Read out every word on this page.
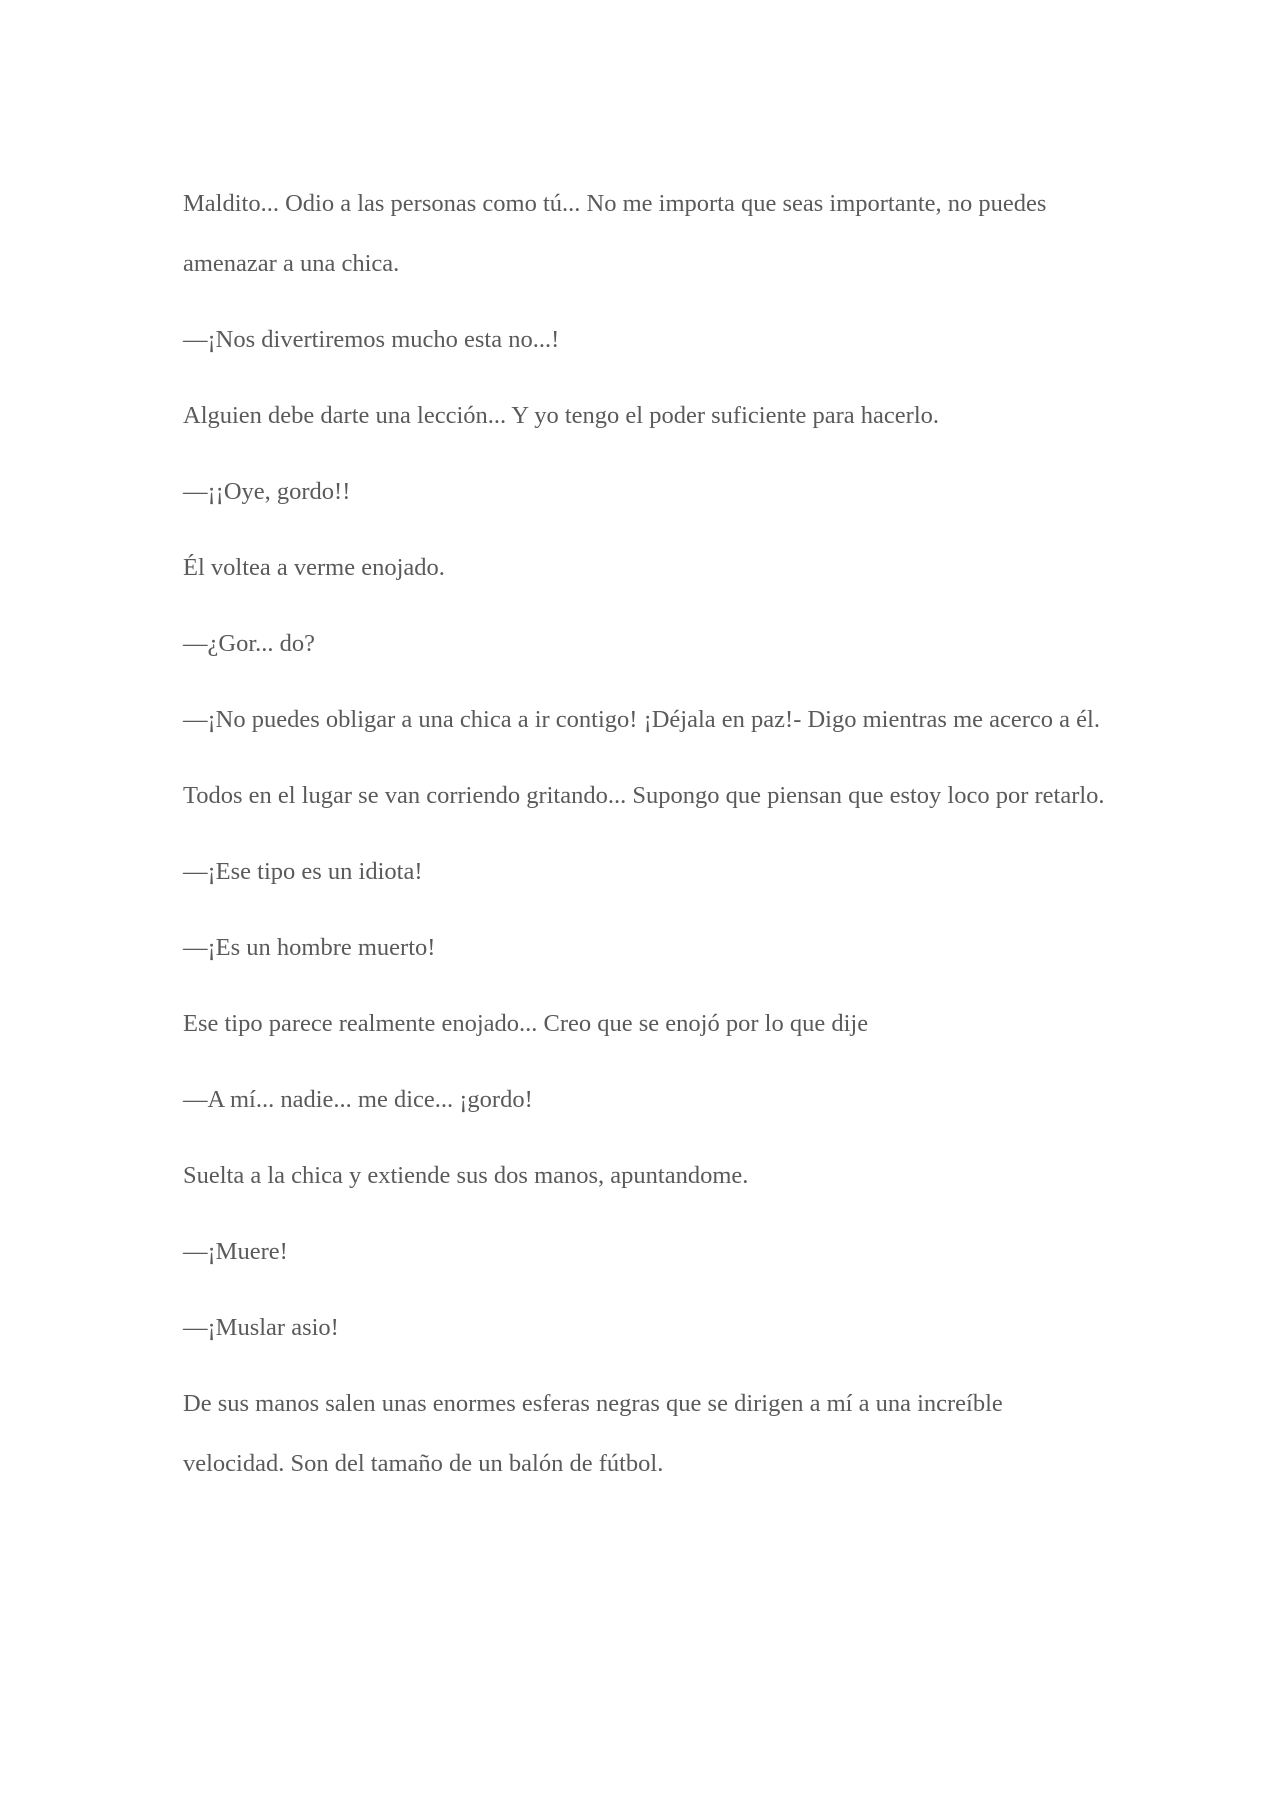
Maldito... Odio a las personas como tú... No me importa que seas importante, no puedes amenazar a una chica.

—¡Nos divertiremos mucho esta no...!

Alguien debe darte una lección... Y yo tengo el poder suficiente para hacerlo.

—¡¡Oye, gordo!!

Él voltea a verme enojado.

—¿Gor... do?

—¡No puedes obligar a una chica a ir contigo! ¡Déjala en paz!- Digo mientras me acerco a él.

Todos en el lugar se van corriendo gritando... Supongo que piensan que estoy loco por retarlo.

—¡Ese tipo es un idiota!

—¡Es un hombre muerto!

Ese tipo parece realmente enojado... Creo que se enojó por lo que dije

—A mí... nadie... me dice... ¡gordo!

Suelta a la chica y extiende sus dos manos, apuntandome.

—¡Muere!

—¡Muslar asio!

De sus manos salen unas enormes esferas negras que se dirigen a mí a una increíble velocidad. Son del tamaño de un balón de fútbol.
